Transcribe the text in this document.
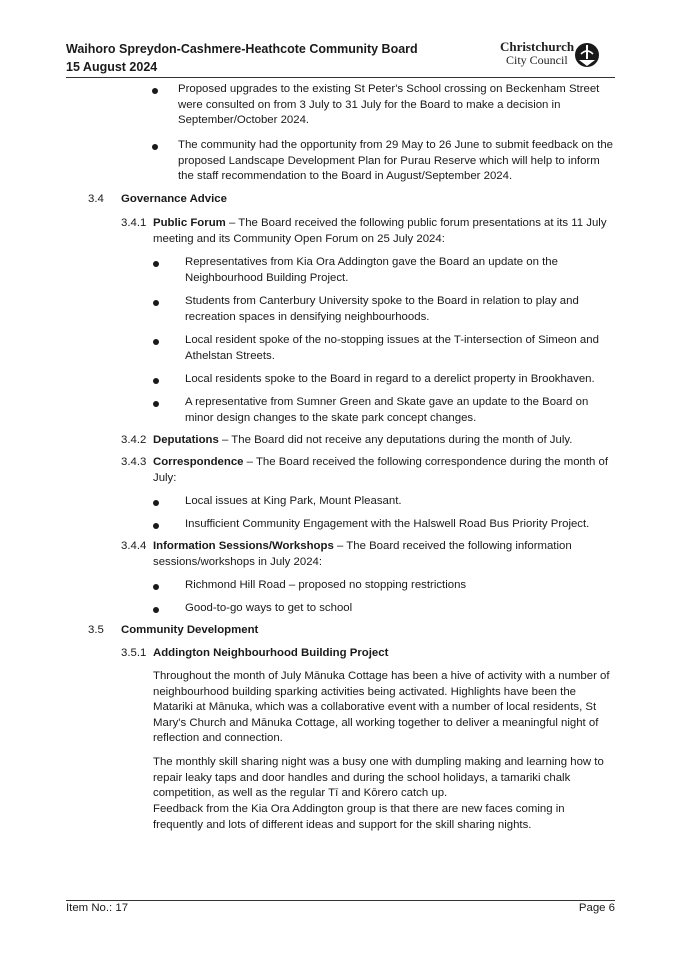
Waihoro Spreydon-Cashmere-Heathcote Community Board
15 August 2024
Christchurch
City Council
Proposed upgrades to the existing St Peter's School crossing on Beckenham Street were consulted on from 3 July to 31 July for the Board to make a decision in September/October 2024.
The community had the opportunity from 29 May to 26 June to submit feedback on the proposed Landscape Development Plan for Purau Reserve which will help to inform the staff recommendation to the Board in August/September 2024.
3.4 Governance Advice
3.4.1 Public Forum – The Board received the following public forum presentations at its 11 July meeting and its Community Open Forum on 25 July 2024:
Representatives from Kia Ora Addington gave the Board an update on the Neighbourhood Building Project.
Students from Canterbury University spoke to the Board in relation to play and recreation spaces in densifying neighbourhoods.
Local resident spoke of the no-stopping issues at the T-intersection of Simeon and Athelstan Streets.
Local residents spoke to the Board in regard to a derelict property in Brookhaven.
A representative from Sumner Green and Skate gave an update to the Board on minor design changes to the skate park concept changes.
3.4.2 Deputations – The Board did not receive any deputations during the month of July.
3.4.3 Correspondence – The Board received the following correspondence during the month of July:
Local issues at King Park, Mount Pleasant.
Insufficient Community Engagement with the Halswell Road Bus Priority Project.
3.4.4 Information Sessions/Workshops – The Board received the following information sessions/workshops in July 2024:
Richmond Hill Road – proposed no stopping restrictions
Good-to-go ways to get to school
3.5 Community Development
3.5.1 Addington Neighbourhood Building Project
Throughout the month of July Mānuka Cottage has been a hive of activity with a number of neighbourhood building sparking activities being activated. Highlights have been the Matariki at Mānuka, which was a collaborative event with a number of local residents, St Mary's Church and Mānuka Cottage, all working together to deliver a meaningful night of reflection and connection.
The monthly skill sharing night was a busy one with dumpling making and learning how to repair leaky taps and door handles and during the school holidays, a tamariki chalk competition, as well as the regular Tī and Kōrero catch up.
Feedback from the Kia Ora Addington group is that there are new faces coming in frequently and lots of different ideas and support for the skill sharing nights.
Item No.: 17	Page 6
